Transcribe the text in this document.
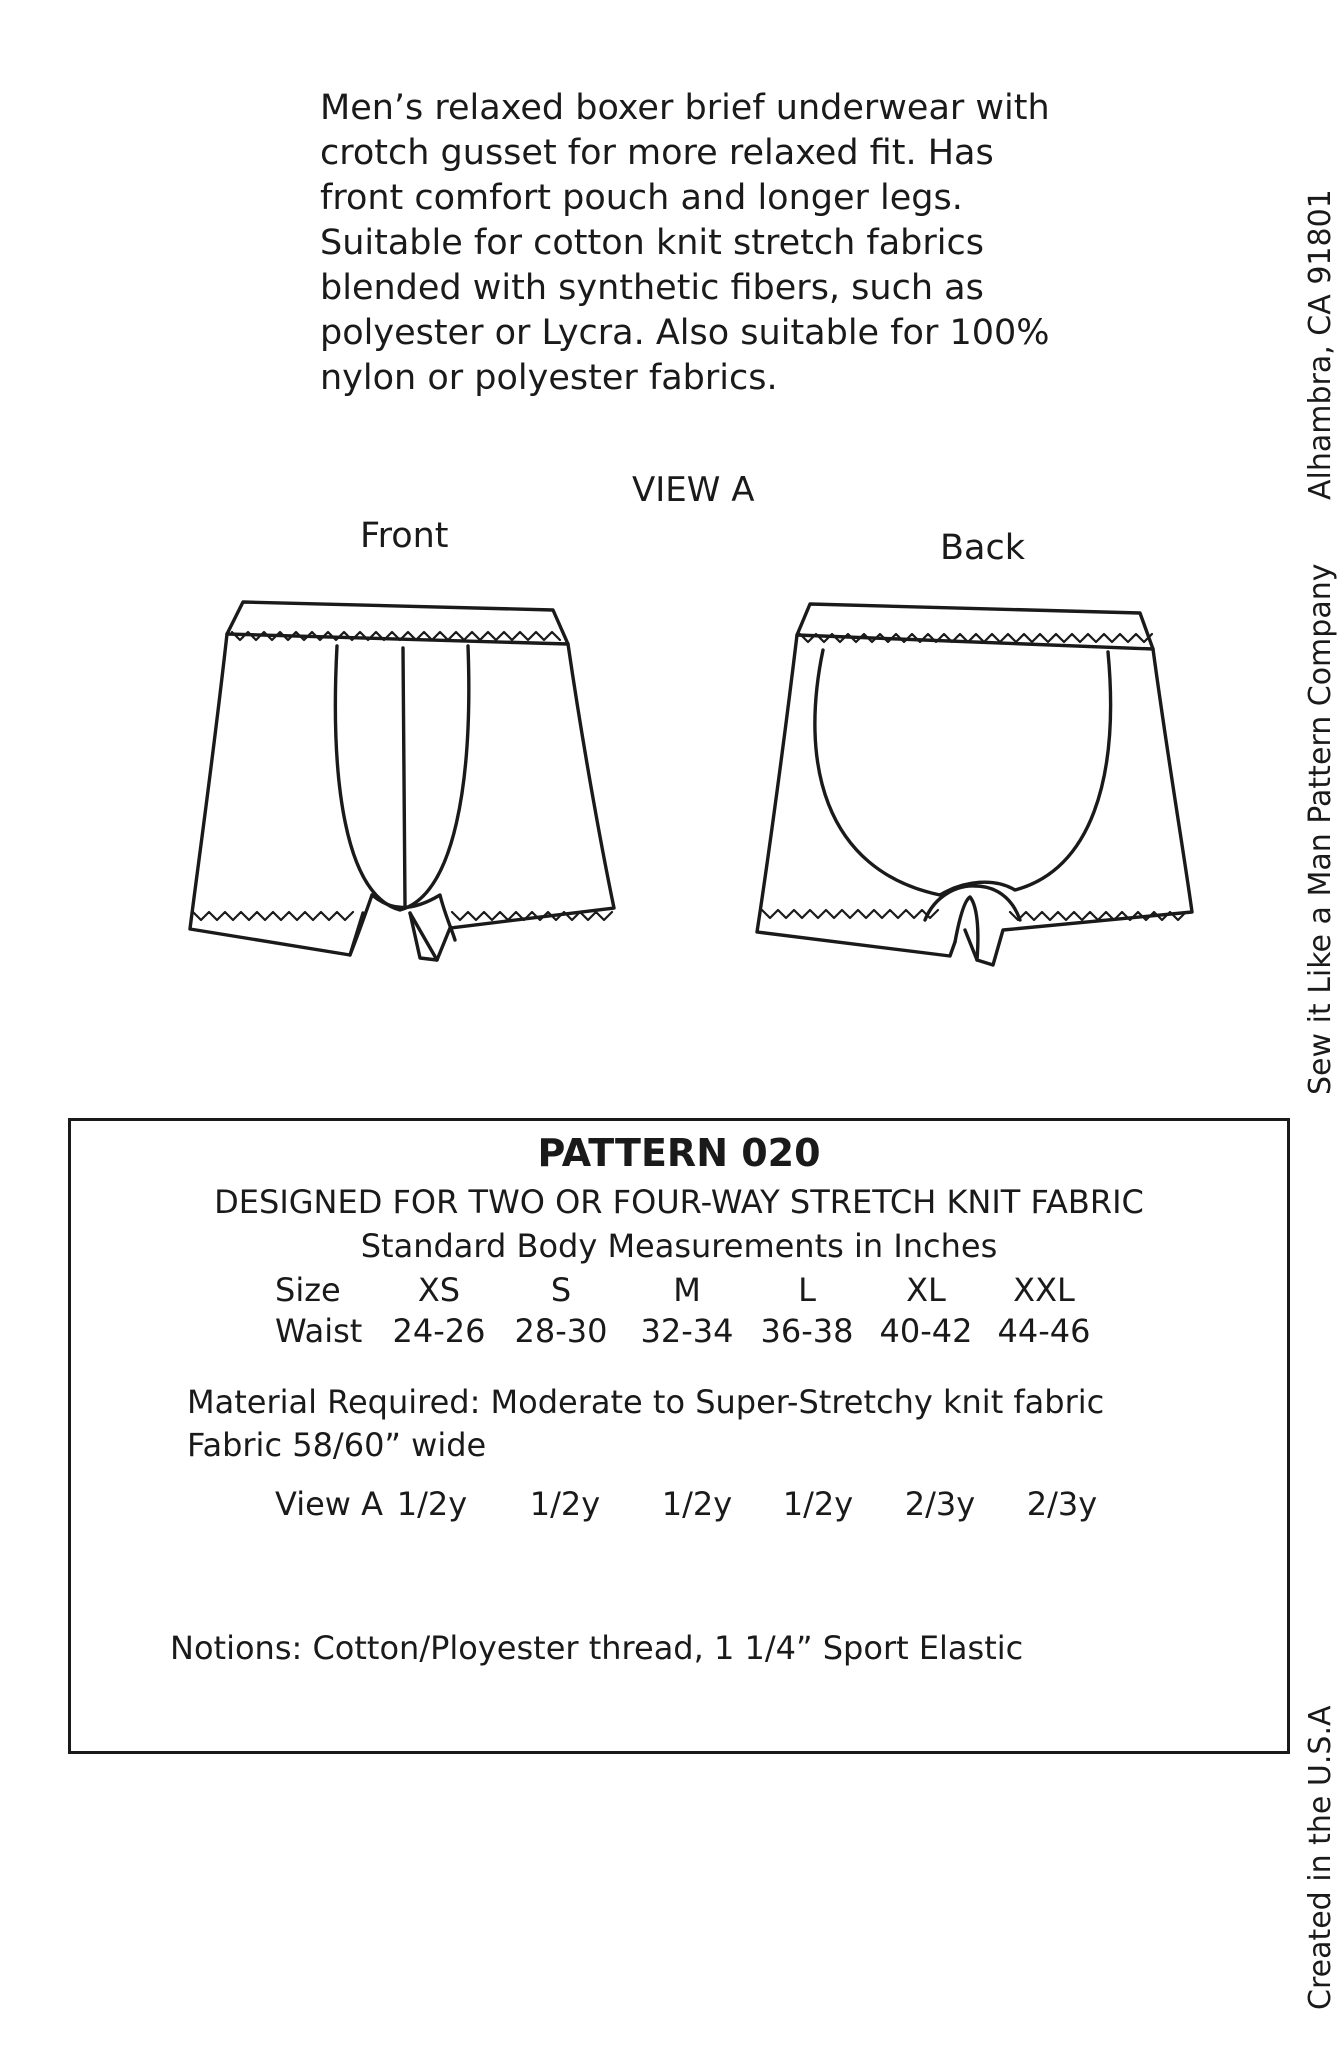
Men’s relaxed boxer brief underwear with
crotch gusset for more relaxed fit. Has
front comfort pouch and longer legs.
Suitable for cotton knit stretch fabrics
blended with synthetic fibers, such as
polyester or Lycra. Also suitable for 100%
nylon or polyester fabrics.
VIEW A
Front	Back
Alhambra, CA 91801
Sew it Like a Man Pattern Company
Created in the U.S.A
PATTERN 020
DESIGNED FOR TWO OR FOUR-WAY STRETCH KNIT FABRIC
Standard Body Measurements in Inches
Size XS	S	M	L	XL XXL
Waist 24-26 28-30 32-34 36-38 40-42 44-46
Material Required: Moderate to Super-Stretchy knit fabric
Fabric 58/60” wide
View A 1/2y 1/2y 1/2y 1/2y 2/3y 2/3y
Notions: Cotton/Ployester thread, 1 1/4” Sport Elastic
